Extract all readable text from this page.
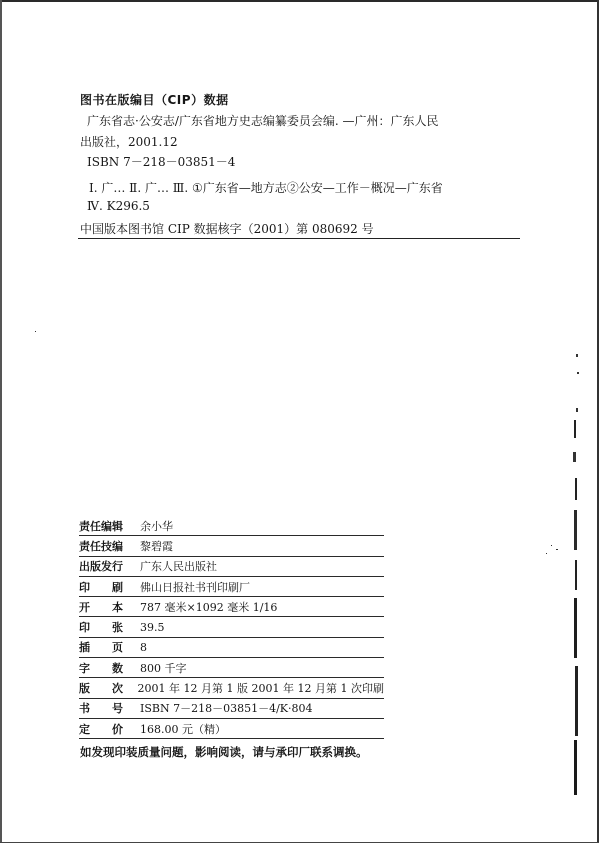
图书在版编目（CIP）数据
广东省志·公安志/广东省地方史志编纂委员会编. —广州：广东人民
出版社，2001.12
ISBN 7－218－03851－4
Ⅰ. 广… Ⅱ. 广… Ⅲ. ①广东省—地方志②公安—工作－概况—广东省
Ⅳ. K296.5
中国版本图书馆 CIP 数据核字（2001）第 080692 号
责任编辑	余小华
责任技编	黎碧霞
出版发行	广东人民出版社
印　　刷	佛山日报社书刊印刷厂
开　　本	787 毫米×1092 毫米 1/16
印　　张	39.5
插　　页	8
字　　数	800 千字
版　　次	2001 年 12 月第 1 版 2001 年 12 月第 1 次印刷
书　　号	ISBN 7－218－03851－4/K·804
定　　价	168.00 元（精）
如发现印装质量问题，影响阅读，请与承印厂联系调换。
